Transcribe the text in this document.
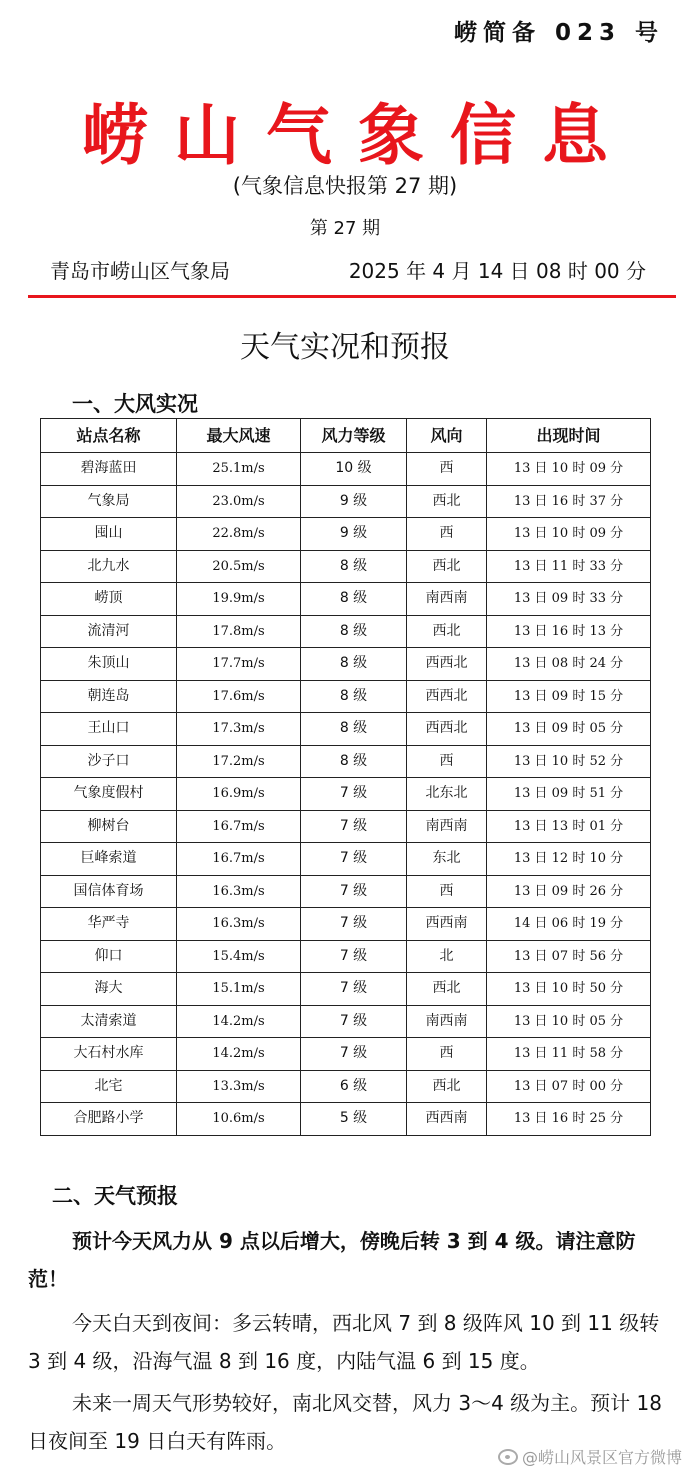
崂简备 023 号
崂山气象信息
(气象信息快报第 27 期)
第 27 期
青岛市崂山区气象局	2025 年 4 月 14 日 08 时 00 分
天气实况和预报
一、大风实况
站点名称	最大风速	风力等级	风向	出现时间
碧海蓝田	25.1m/s	10 级	西	13 日 10 时 09 分
气象局	23.0m/s	9 级	西北	13 日 16 时 37 分
囤山	22.8m/s	9 级	西	13 日 10 时 09 分
北九水	20.5m/s	8 级	西北	13 日 11 时 33 分
崂顶	19.9m/s	8 级	南西南	13 日 09 时 33 分
流清河	17.8m/s	8 级	西北	13 日 16 时 13 分
朱顶山	17.7m/s	8 级	西西北	13 日 08 时 24 分
朝连岛	17.6m/s	8 级	西西北	13 日 09 时 15 分
王山口	17.3m/s	8 级	西西北	13 日 09 时 05 分
沙子口	17.2m/s	8 级	西	13 日 10 时 52 分
气象度假村	16.9m/s	7 级	北东北	13 日 09 时 51 分
柳树台	16.7m/s	7 级	南西南	13 日 13 时 01 分
巨峰索道	16.7m/s	7 级	东北	13 日 12 时 10 分
国信体育场	16.3m/s	7 级	西	13 日 09 时 26 分
华严寺	16.3m/s	7 级	西西南	14 日 06 时 19 分
仰口	15.4m/s	7 级	北	13 日 07 时 56 分
海大	15.1m/s	7 级	西北	13 日 10 时 50 分
太清索道	14.2m/s	7 级	南西南	13 日 10 时 05 分
大石村水库	14.2m/s	7 级	西	13 日 11 时 58 分
北宅	13.3m/s	6 级	西北	13 日 07 时 00 分
合肥路小学	10.6m/s	5 级	西西南	13 日 16 时 25 分
二、天气预报

预计今天风力从 9 点以后增大，傍晚后转 3 到 4 级。请注意防范！

今天白天到夜间：多云转晴，西北风 7 到 8 级阵风 10 到 11 级转 3 到 4 级，沿海气温 8 到 16 度，内陆气温 6 到 15 度。

未来一周天气形势较好，南北风交替，风力 3～4 级为主。预计 18 日夜间至 19 日白天有阵雨。

@崂山风景区官方微博
